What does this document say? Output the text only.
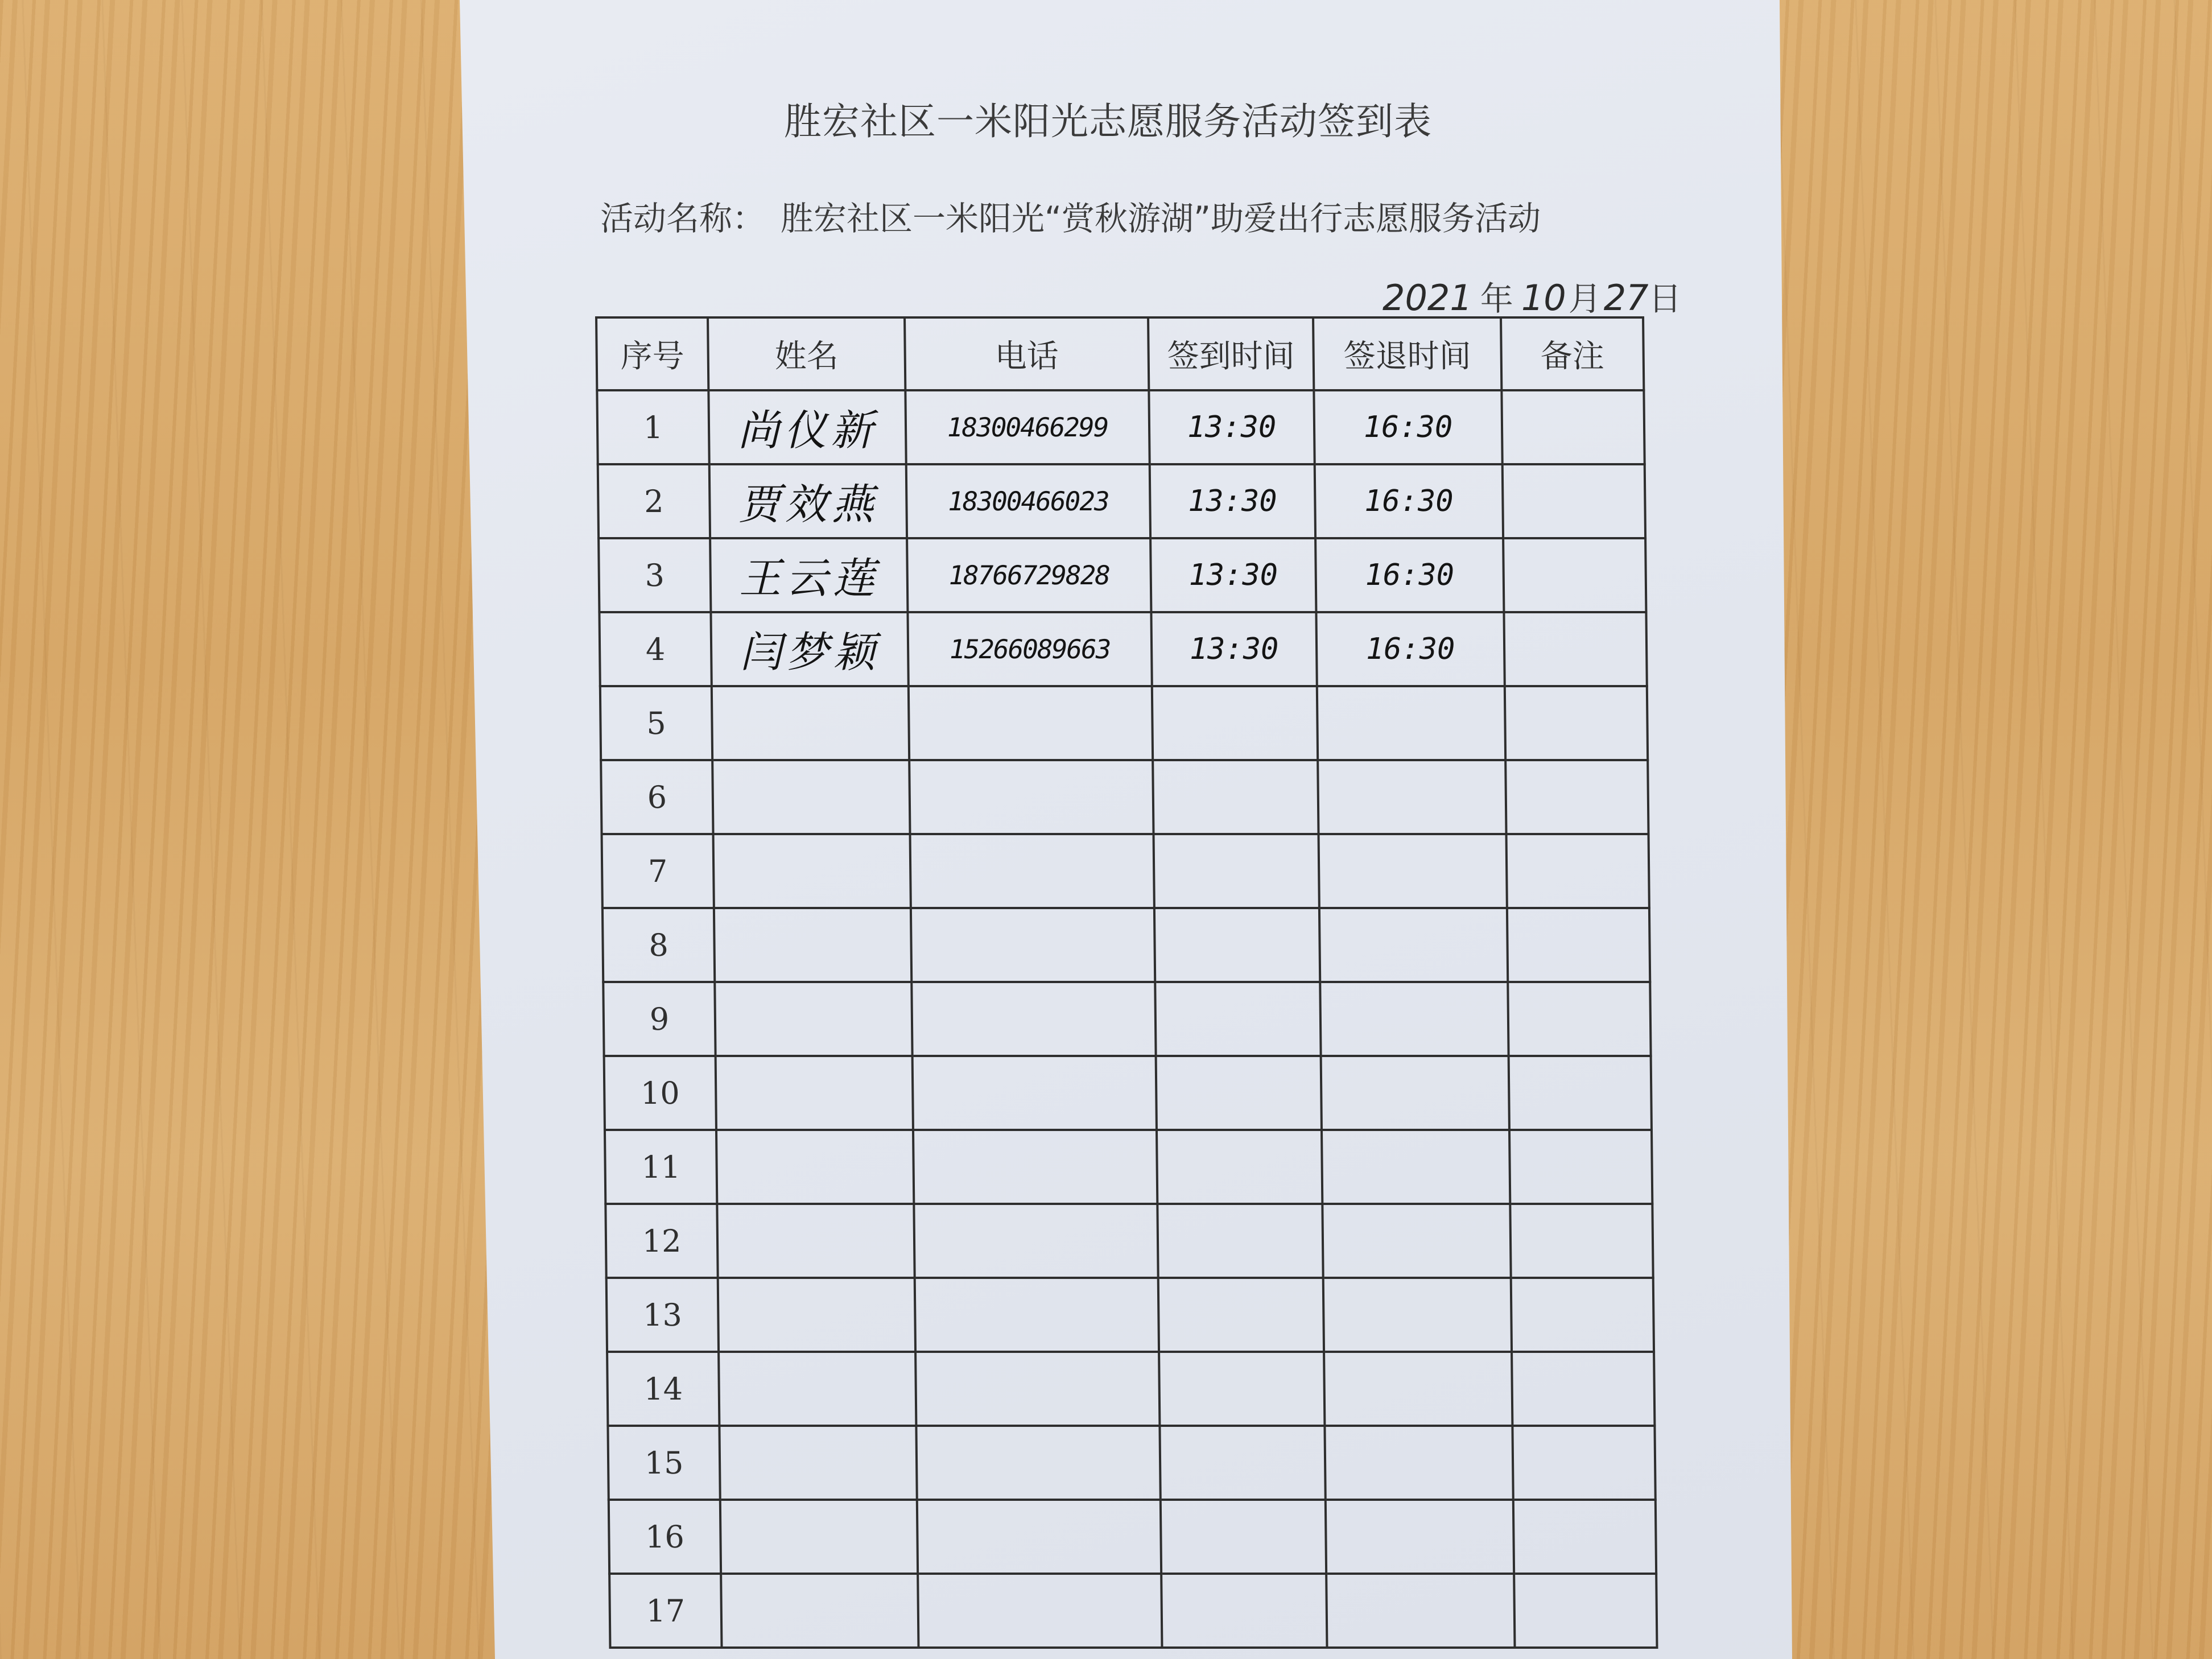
胜宏社区一米阳光志愿服务活动签到表
活动名称： 胜宏社区一米阳光“赏秋游湖”助爱出行志愿服务活动
2021 年 10月27日
序号	姓名	电话	签到时间	签退时间	备注
1	尚仪新	18300466299	13:30	16:30	
2	贾效燕	18300466023	13:30	16:30	
3	王云莲	18766729828	13:30	16:30	
4	闫梦颖	15266089663	13:30	16:30	
5					
6					
7					
8					
9					
10					
11					
12					
13					
14					
15					
16					
17					
